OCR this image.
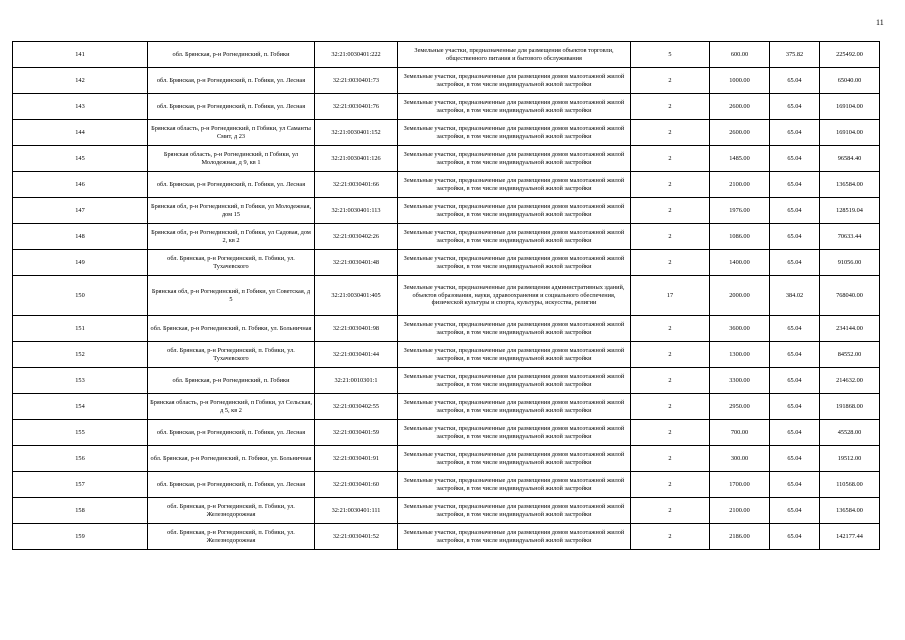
11
141	обл. Брянская, р-н Рогнединский, п. Гобики	32:21:0030401:222	Земельные участки, предназначенные для размещения объектов торговли, общественного питания и бытового обслуживания	5	600.00	375.82	225492.00
142	обл. Брянская, р-н Рогнединский, п. Гобики, ул. Лесная	32:21:0030401:73	Земельные участки, предназначенные для размещения домов малоэтажной жилой застройки, в том числе индивидуальной жилой застройки	2	1000.00	65.04	65040.00
143	обл. Брянская, р-н Рогнединский, п. Гобики, ул. Лесная	32:21:0030401:76	Земельные участки, предназначенные для размещения домов малоэтажной жилой застройки, в том числе индивидуальной жилой застройки	2	2600.00	65.04	169104.00
144	Брянская область, р-н Рогнединский, п Гобики, ул Саманты Смит, д 23	32:21:0030401:152	Земельные участки, предназначенные для размещения домов малоэтажной жилой застройки, в том числе индивидуальной жилой застройки	2	2600.00	65.04	169104.00
145	Брянская область, р-н Рогнединский, п Гобики, ул Молодежная, д 9, кв 1	32:21:0030401:126	Земельные участки, предназначенные для размещения домов малоэтажной жилой застройки, в том числе индивидуальной жилой застройки	2	1485.00	65.04	96584.40
146	обл. Брянская, р-н Рогнединский, п. Гобики, ул. Лесная	32:21:0030401:66	Земельные участки, предназначенные для размещения домов малоэтажной жилой застройки, в том числе индивидуальной жилой застройки	2	2100.00	65.04	136584.00
147	Брянская обл, р-н Рогнединский, п Гобики, ул Молодежная, дом 15	32:21:0030401:113	Земельные участки, предназначенные для размещения домов малоэтажной жилой застройки, в том числе индивидуальной жилой застройки	2	1976.00	65.04	128519.04
148	Брянская обл, р-н Рогнединский, п Гобики, ул Садовая, дом 2, кв 2	32:21:0030402:26	Земельные участки, предназначенные для размещения домов малоэтажной жилой застройки, в том числе индивидуальной жилой застройки	2	1086.00	65.04	70633.44
149	обл. Брянская, р-н Рогнединский, п. Гобики, ул. Тухачевского	32:21:0030401:48	Земельные участки, предназначенные для размещения домов малоэтажной жилой застройки, в том числе индивидуальной жилой застройки	2	1400.00	65.04	91056.00
150	Брянская обл, р-н Рогнединский, п Гобики, ул Советская, д 5	32:21:0030401:405	Земельные участки, предназначенные для размещения административных зданий, объектов образования, науки, здравоохранения и социального обеспечения, физической культуры и спорта, культуры, искусства, религии	17	2000.00	384.02	768040.00
151	обл. Брянская, р-н Рогнединский, п. Гобики, ул. Больничная	32:21:0030401:98	Земельные участки, предназначенные для размещения домов малоэтажной жилой застройки, в том числе индивидуальной жилой застройки	2	3600.00	65.04	234144.00
152	обл. Брянская, р-н Рогнединский, п. Гобики, ул. Тухачевского	32:21:0030401:44	Земельные участки, предназначенные для размещения домов малоэтажной жилой застройки, в том числе индивидуальной жилой застройки	2	1300.00	65.04	84552.00
153	обл. Брянская, р-н Рогнединский, п. Гобики	32:21:0010301:1	Земельные участки, предназначенные для размещения домов малоэтажной жилой застройки, в том числе индивидуальной жилой застройки	2	3300.00	65.04	214632.00
154	Брянская область, р-н Рогнединский, п Гобики, ул Сельская, д 5, кв 2	32:21:0030402:55	Земельные участки, предназначенные для размещения домов малоэтажной жилой застройки, в том числе индивидуальной жилой застройки	2	2950.00	65.04	191868.00
155	обл. Брянская, р-н Рогнединский, п. Гобики, ул. Лесная	32:21:0030401:59	Земельные участки, предназначенные для размещения домов малоэтажной жилой застройки, в том числе индивидуальной жилой застройки	2	700.00	65.04	45528.00
156	обл. Брянская, р-н Рогнединский, п. Гобики, ул. Больничная	32:21:0030401:91	Земельные участки, предназначенные для размещения домов малоэтажной жилой застройки, в том числе индивидуальной жилой застройки	2	300.00	65.04	19512.00
157	обл. Брянская, р-н Рогнединский, п. Гобики, ул. Лесная	32:21:0030401:60	Земельные участки, предназначенные для размещения домов малоэтажной жилой застройки, в том числе индивидуальной жилой застройки	2	1700.00	65.04	110568.00
158	обл. Брянская, р-н Рогнединский, п. Гобики, ул. Железнодорожная	32:21:0030401:111	Земельные участки, предназначенные для размещения домов малоэтажной жилой застройки, в том числе индивидуальной жилой застройки	2	2100.00	65.04	136584.00
159	обл. Брянская, р-н Рогнединский, п. Гобики, ул. Железнодорожная	32:21:0030401:52	Земельные участки, предназначенные для размещения домов малоэтажной жилой застройки, в том числе индивидуальной жилой застройки	2	2186.00	65.04	142177.44
